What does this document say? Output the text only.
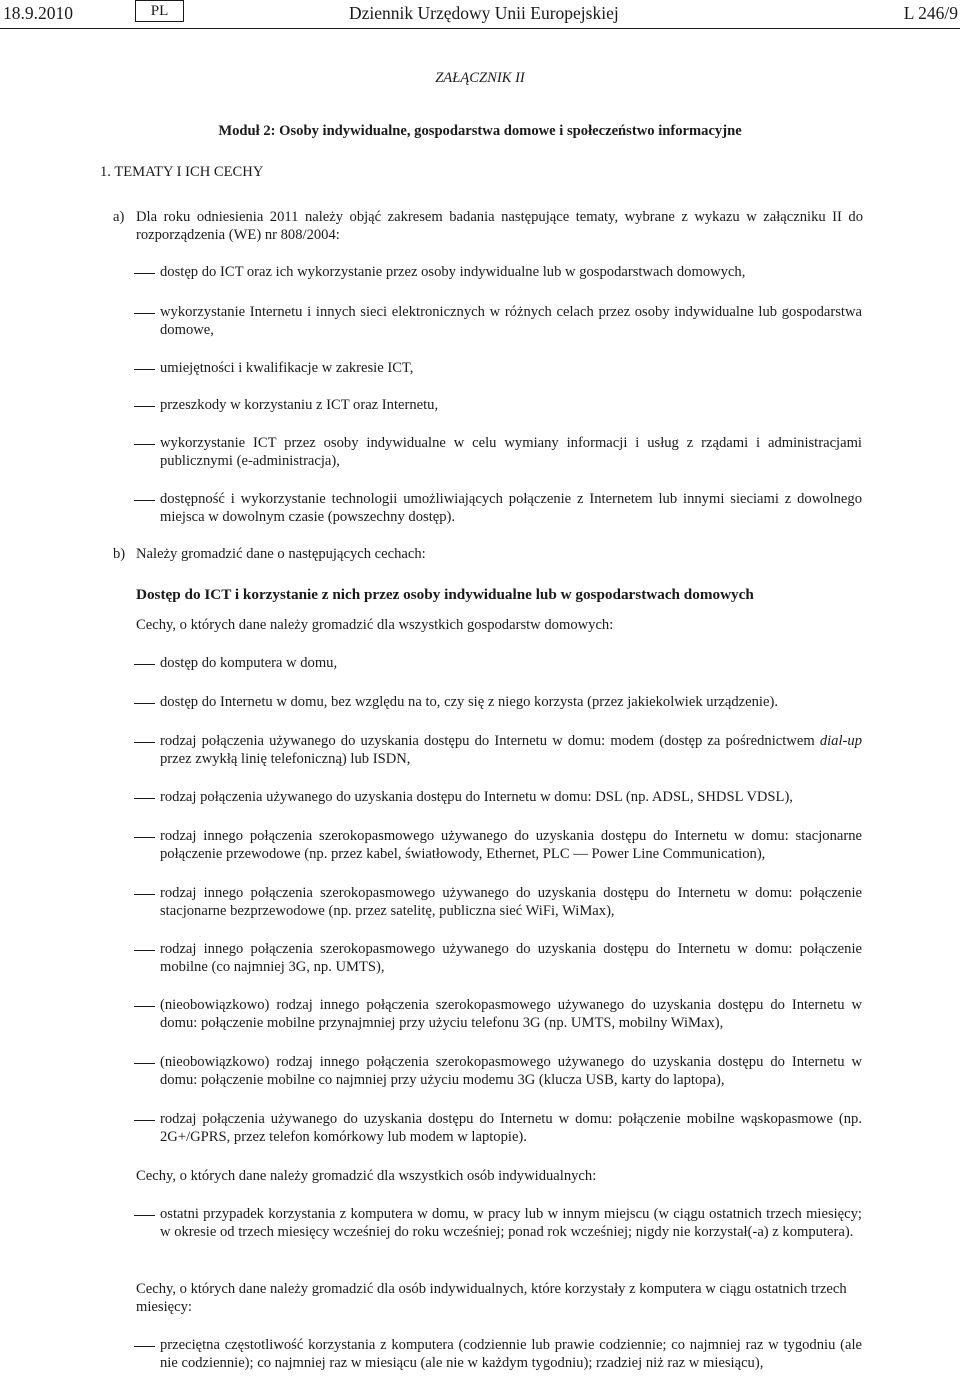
18.9.2010	PL	Dziennik Urzędowy Unii Europejskiej	L 246/9
ZAŁĄCZNIK II
Moduł 2: Osoby indywidualne, gospodarstwa domowe i społeczeństwo informacyjne
1. TEMATY I ICH CECHY
a) Dla roku odniesienia 2011 należy objąć zakresem badania następujące tematy, wybrane z wykazu w załączniku II do rozporządzenia (WE) nr 808/2004:
dostęp do ICT oraz ich wykorzystanie przez osoby indywidualne lub w gospodarstwach domowych,
wykorzystanie Internetu i innych sieci elektronicznych w różnych celach przez osoby indywidualne lub gospodarstwa domowe,
umiejętności i kwalifikacje w zakresie ICT,
przeszkody w korzystaniu z ICT oraz Internetu,
wykorzystanie ICT przez osoby indywidualne w celu wymiany informacji i usług z rządami i administracjami publicznymi (e-administracja),
dostępność i wykorzystanie technologii umożliwiających połączenie z Internetem lub innymi sieciami z dowolnego miejsca w dowolnym czasie (powszechny dostęp).
b) Należy gromadzić dane o następujących cechach:
Dostęp do ICT i korzystanie z nich przez osoby indywidualne lub w gospodarstwach domowych
Cechy, o których dane należy gromadzić dla wszystkich gospodarstw domowych:
dostęp do komputera w domu,
dostęp do Internetu w domu, bez względu na to, czy się z niego korzysta (przez jakiekolwiek urządzenie).
rodzaj połączenia używanego do uzyskania dostępu do Internetu w domu: modem (dostęp za pośrednictwem dial-up przez zwykłą linię telefoniczną) lub ISDN,
rodzaj połączenia używanego do uzyskania dostępu do Internetu w domu: DSL (np. ADSL, SHDSL VDSL),
rodzaj innego połączenia szerokopasmowego używanego do uzyskania dostępu do Internetu w domu: stacjonarne połączenie przewodowe (np. przez kabel, światłowody, Ethernet, PLC — Power Line Communication),
rodzaj innego połączenia szerokopasmowego używanego do uzyskania dostępu do Internetu w domu: połączenie stacjonarne bezprzewodowe (np. przez satelitę, publiczna sieć WiFi, WiMax),
rodzaj innego połączenia szerokopasmowego używanego do uzyskania dostępu do Internetu w domu: połączenie mobilne (co najmniej 3G, np. UMTS),
(nieobowiązkowo) rodzaj innego połączenia szerokopasmowego używanego do uzyskania dostępu do Internetu w domu: połączenie mobilne przynajmniej przy użyciu telefonu 3G (np. UMTS, mobilny WiMax),
(nieobowiązkowo) rodzaj innego połączenia szerokopasmowego używanego do uzyskania dostępu do Internetu w domu: połączenie mobilne co najmniej przy użyciu modemu 3G (klucza USB, karty do laptopa),
rodzaj połączenia używanego do uzyskania dostępu do Internetu w domu: połączenie mobilne wąskopasmowe (np. 2G+/GPRS, przez telefon komórkowy lub modem w laptopie).
Cechy, o których dane należy gromadzić dla wszystkich osób indywidualnych:
ostatni przypadek korzystania z komputera w domu, w pracy lub w innym miejscu (w ciągu ostatnich trzech miesięcy; w okresie od trzech miesięcy wcześniej do roku wcześniej; ponad rok wcześniej; nigdy nie korzystał(-a) z komputera).
Cechy, o których dane należy gromadzić dla osób indywidualnych, które korzystały z komputera w ciągu ostatnich trzech miesięcy:
przeciętna częstotliwość korzystania z komputera (codziennie lub prawie codziennie; co najmniej raz w tygodniu (ale nie codziennie); co najmniej raz w miesiącu (ale nie w każdym tygodniu); rzadziej niż raz w miesiącu),
